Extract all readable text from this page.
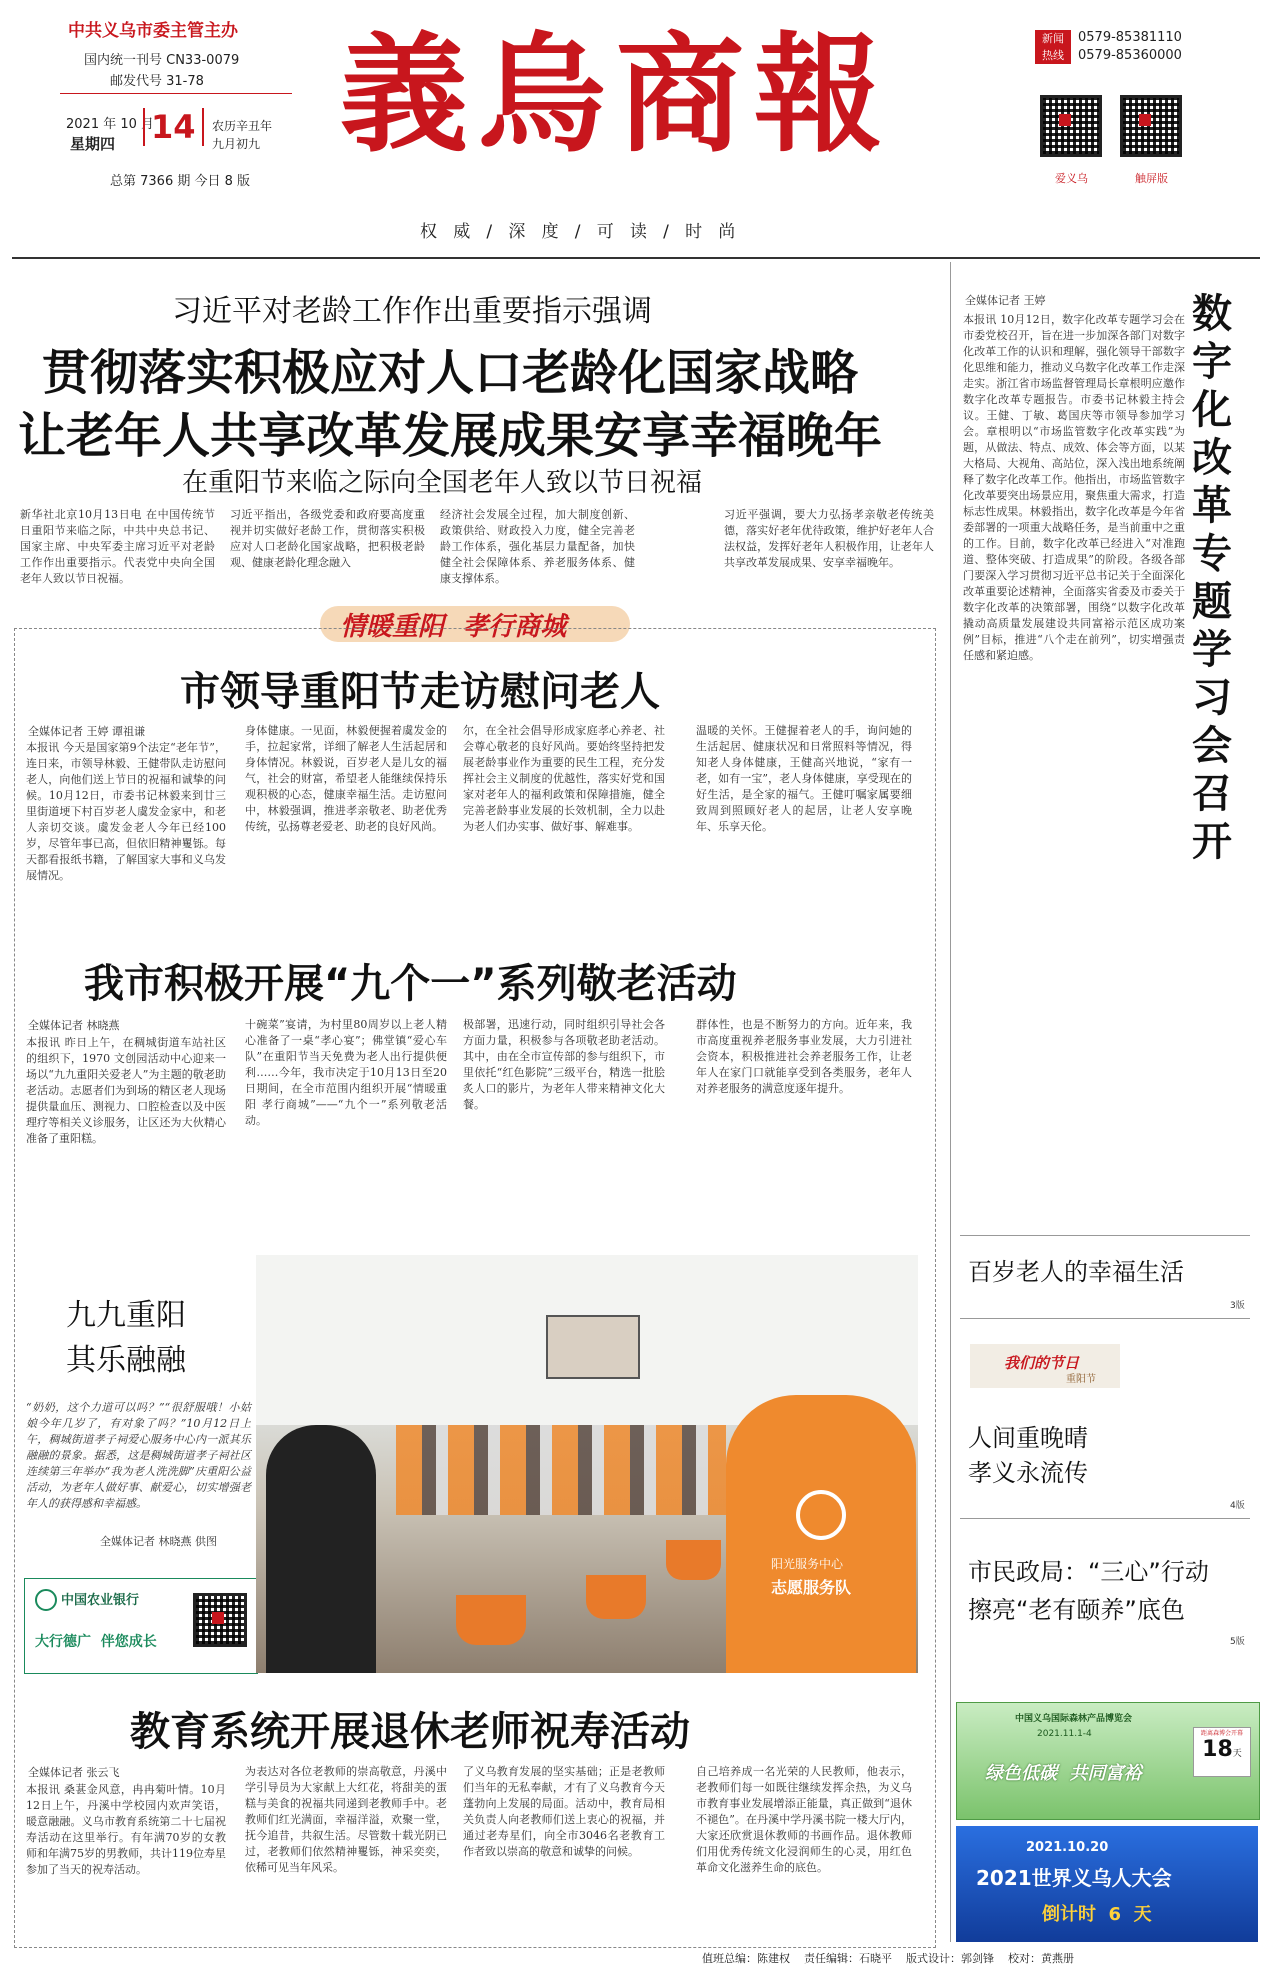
中共义乌市委主管主办
国内统一刊号 CN33-0079
邮发代号 31-78
2021 年 10 月
星期四 14	农历辛丑年
九月初九
总第 7366 期 今日 8 版
義烏商報
权   威   /   深   度   /   可   读   /   时   尚
新闻
热线
0579-85381110
0579-85360000
爱义乌	触屏版
习近平对老龄工作作出重要指示强调
贯彻落实积极应对人口老龄化国家战略
让老年人共享改革发展成果安享幸福晚年
在重阳节来临之际向全国老年人致以节日祝福
新华社北京10月13日电 在中国传统节日重阳节来临之际，中共中央总书记、国家主席、中央军委主席习近平对老龄工作作出重要指示。代表党中央向全国老年人致以节日祝福。
习近平指出，各级党委和政府要高度重视并切实做好老龄工作，贯彻落实积极应对人口老龄化国家战略，把积极老龄观、健康老龄化理念融入
经济社会发展全过程，加大制度创新、政策供给、财政投入力度，健全完善老龄工作体系，强化基层力量配备，加快健全社会保障体系、养老服务体系、健康支撑体系。
习近平强调，要大力弘扬孝亲敬老传统美德，落实好老年优待政策，维护好老年人合法权益，发挥好老年人积极作用，让老年人共享改革发展成果、安享幸福晚年。
情暖重阳  孝行商城
市领导重阳节走访慰问老人
全媒体记者 王婷 谭祖谦
本报讯 今天是国家第9个法定“老年节”，连日来，市领导林毅、王健带队走访慰问老人，向他们送上节日的祝福和诚挚的问候。10月12日，市委书记林毅来到廿三里街道埂下村百岁老人虞发金家中，和老人亲切交谈。虞发金老人今年已经100岁，尽管年事已高，但依旧精神矍铄。每天都看报纸书籍，了解国家大事和义乌发展情况。
身体健康。一见面，林毅便握着虞发金的手，拉起家常，详细了解老人生活起居和身体情况。林毅说，百岁老人是儿女的福气，社会的财富，希望老人能继续保持乐观积极的心态，健康幸福生活。走访慰问中，林毅强调，推进孝亲敬老、助老优秀传统，弘扬尊老爱老、助老的良好风尚。
尔，在全社会倡导形成家庭孝心养老、社会尊心敬老的良好风尚。要始终坚持把发展老龄事业作为重要的民生工程，充分发挥社会主义制度的优越性，落实好党和国家对老年人的福利政策和保障措施，健全完善老龄事业发展的长效机制，全力以赴为老人们办实事、做好事、解难事。
温暖的关怀。王健握着老人的手，询问她的生活起居、健康状况和日常照料等情况，得知老人身体健康，王健高兴地说，“家有一老，如有一宝”，老人身体健康，享受现在的好生活，是全家的福气。王健叮嘱家属要细致周到照顾好老人的起居，让老人安享晚年、乐享天伦。
我市积极开展“九个一”系列敬老活动
全媒体记者 林晓燕
本报讯 昨日上午，在稠城街道车站社区的组织下，1970 文创园活动中心迎来一场以“九九重阳关爱老人”为主题的敬老助老活动。志愿者们为到场的精区老人现场提供量血压、测视力、口腔检查以及中医理疗等相关义诊服务，让区还为大伙精心准备了重阳糕。
十碗菜”宴请，为村里80周岁以上老人精心准备了一桌“孝心宴”；佛堂镇“爱心车队”在重阳节当天免费为老人出行提供便利……今年，我市决定于10月13日至20日期间，在全市范围内组织开展“情暖重阳 孝行商城”——“九个一”系列敬老活动。
极部署，迅速行动，同时组织引导社会各方面力量，积极参与各项敬老助老活动。其中，由在全市宣传部的参与组织下，市里依托“红色影院”三级平台，精选一批脍炙人口的影片，为老年人带来精神文化大餐。
群体性，也是不断努力的方向。近年来，我市高度重视养老服务事业发展，大力引进社会资本，积极推进社会养老服务工作，让老年人在家门口就能享受到各类服务，老年人对养老服务的满意度逐年提升。
九九重阳
其乐融融
“奶奶，这个力道可以吗？”“很舒服哦！小姑娘今年几岁了，有对象了吗？”10月12日上午，稠城街道孝子祠爱心服务中心内一派其乐融融的景象。据悉，这是稠城街道孝子祠社区连续第三年举办“我为老人洗洗脚”庆重阳公益活动，为老年人做好事、献爱心，切实增强老年人的获得感和幸福感。
全媒体记者 林晓燕 供图
中国农业银行
大行德广  伴您成长
阳光服务中心
志愿服务队
教育系统开展退休老师祝寿活动
全媒体记者 张云飞
本报讯 桑葚金风意，冉冉菊叶情。10月12日上午，丹溪中学校园内欢声笑语，暖意融融。义乌市教育系统第二十七届祝寿活动在这里举行。有年满70岁的女教师和年满75岁的男教师，共计119位寿星参加了当天的祝寿活动。
为表达对各位老教师的崇高敬意，丹溪中学引导员为大家献上大红花，将甜美的蛋糕与美食的祝福共同递到老教师手中。老教师们红光满面，幸福洋溢，欢聚一堂，抚今追昔，共叙生活。尽管数十载光阴已过，老教师们依然精神矍铄，神采奕奕，依稀可见当年风采。
了义乌教育发展的坚实基础；正是老教师们当年的无私奉献，才有了义乌教育今天蓬勃向上发展的局面。活动中，教育局相关负责人向老教师们送上衷心的祝福，并通过老寿星们，向全市3046名老教育工作者致以崇高的敬意和诚挚的问候。
自己培养成一名光荣的人民教师，他表示，老教师们每一如既往继续发挥余热，为义乌市教育事业发展增添正能量，真正做到“退休不褪色”。在丹溪中学丹溪书院一楼大厅内，大家还欣赏退休教师的书画作品。退休教师们用优秀传统文化浸润师生的心灵，用红色革命文化滋养生命的底色。
全媒体记者 王婷
本报讯 10月12日，数字化改革专题学习会在市委党校召开，旨在进一步加深各部门对数字化改革工作的认识和理解，强化领导干部数字化思维和能力，推动义乌数字化改革工作走深走实。浙江省市场监督管理局长章根明应邀作数字化改革专题报告。市委书记林毅主持会议。王健、丁敏、葛国庆等市领导参加学习会。章根明以“市场监管数字化改革实践”为题，从做法、特点、成效、体会等方面，以某大格局、大视角、高站位，深入浅出地系统阐释了数字化改革工作。他指出，市场监管数字化改革要突出场景应用，聚焦重大需求，打造标志性成果。林毅指出，数字化改革是今年省委部署的一项重大战略任务，是当前重中之重的工作。目前，数字化改革已经进入“对准跑道、整体突破、打造成果”的阶段。各级各部门要深入学习贯彻习近平总书记关于全面深化改革重要论述精神，全面落实省委及市委关于数字化改革的决策部署，围绕“以数字化改革撬动高质量发展建设共同富裕示范区成功案例”目标，推进“八个走在前列”，切实增强责任感和紧迫感。
数字化改革专题学习会召开
百岁老人的幸福生活
3版
我们的节日
重阳节
人间重晚晴
孝义永流传
4版
市民政局：“三心”行动
擦亮“老有颐养”底色
5版
中国义乌国际森林产品博览会
2021.11.1-4
绿色低碳  共同富裕
距离森博会开幕
18天
2021.10.20
2021世界义乌人大会
倒计时  6  天
值班总编：陈建权    责任编辑：石晓平    版式设计：郭剑锋    校对：黄燕册
